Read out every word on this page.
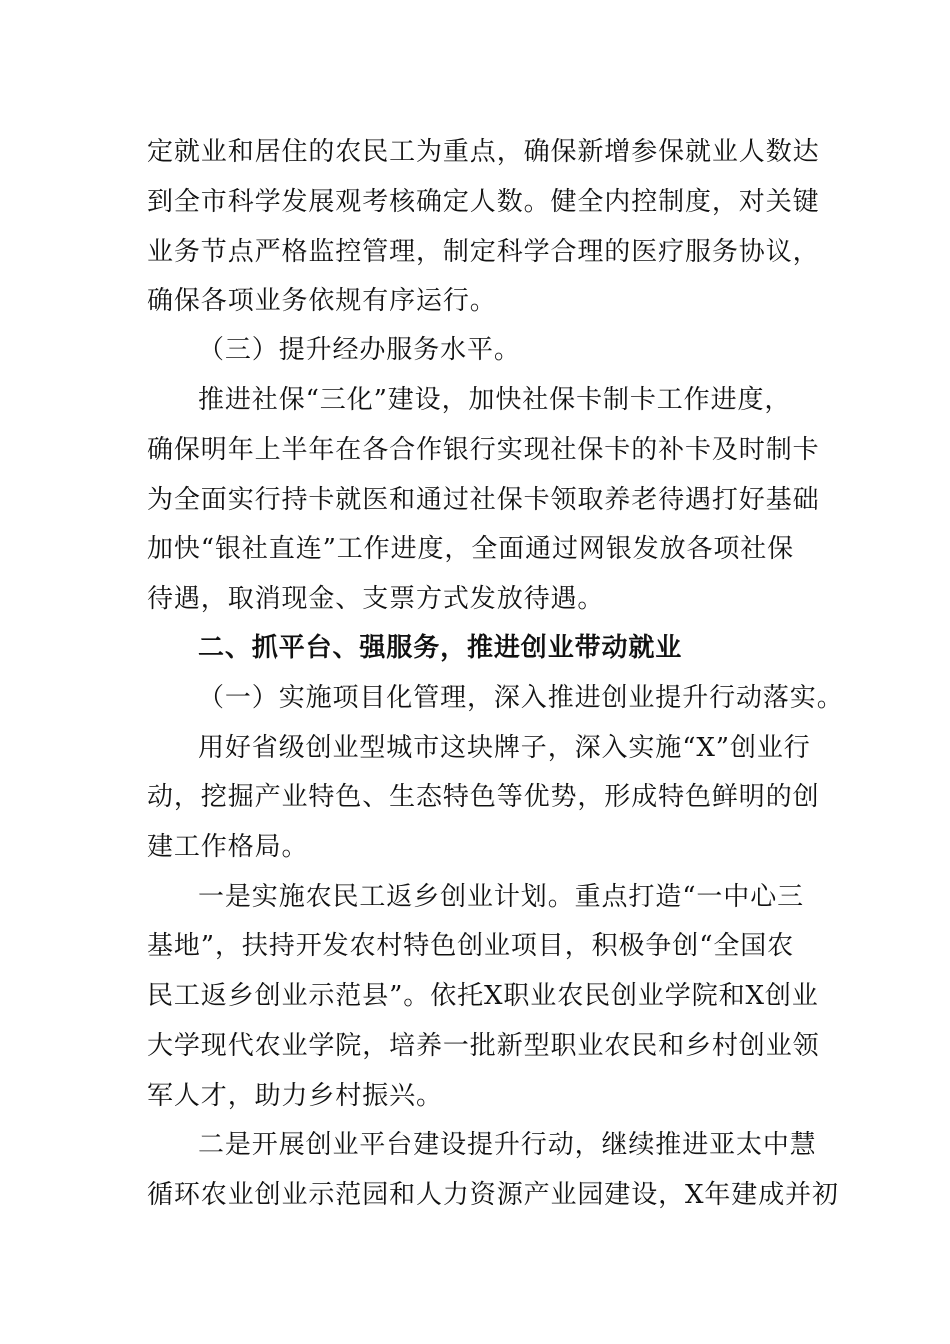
定就业和居住的农民工为重点，确保新增参保就业人数达
到全市科学发展观考核确定人数。健全内控制度，对关键
业务节点严格监控管理，制定科学合理的医疗服务协议，
确保各项业务依规有序运行。
（三）提升经办服务水平。
推进社保“三化”建设，加快社保卡制卡工作进度，
确保明年上半年在各合作银行实现社保卡的补卡及时制卡
为全面实行持卡就医和通过社保卡领取养老待遇打好基础
加快“银社直连”工作进度，全面通过网银发放各项社保
待遇，取消现金、支票方式发放待遇。
二、抓平台、强服务，推进创业带动就业
（一）实施项目化管理，深入推进创业提升行动落实。
用好省级创业型城市这块牌子，深入实施“X”创业行
动，挖掘产业特色、生态特色等优势，形成特色鲜明的创
建工作格局。
一是实施农民工返乡创业计划。重点打造“一中心三
基地”，扶持开发农村特色创业项目，积极争创“全国农
民工返乡创业示范县”。依托X职业农民创业学院和X创业
大学现代农业学院，培养一批新型职业农民和乡村创业领
军人才，助力乡村振兴。
二是开展创业平台建设提升行动，继续推进亚太中慧
循环农业创业示范园和人力资源产业园建设，X年建成并初
